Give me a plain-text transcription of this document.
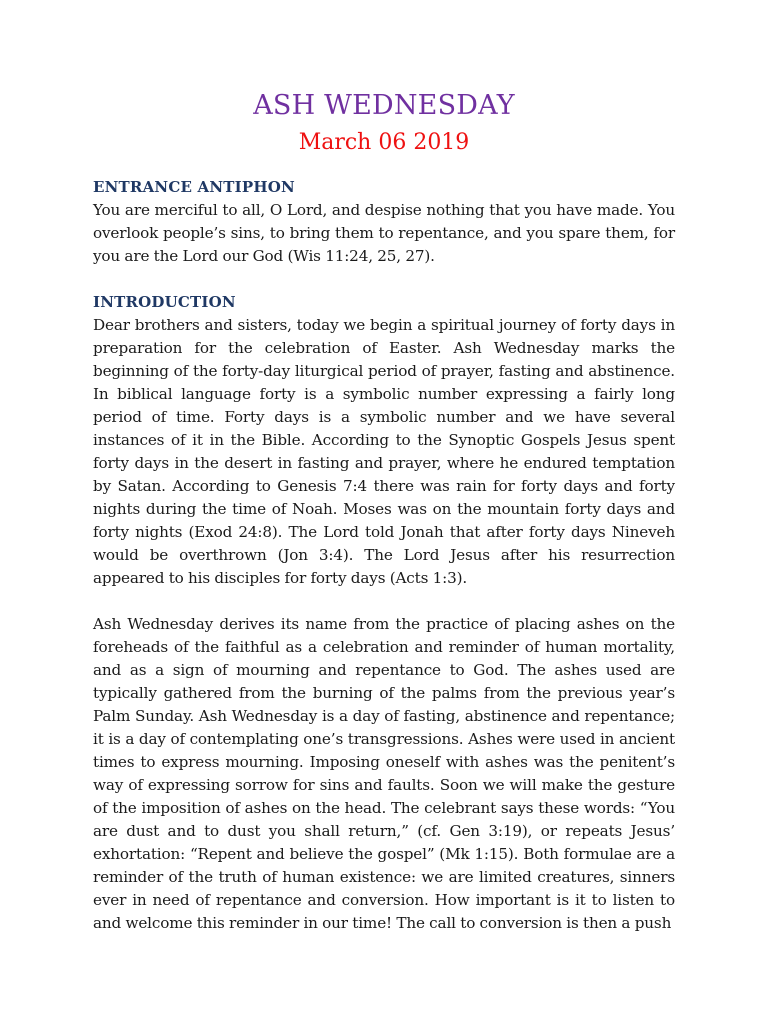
ASH WEDNESDAY
March 06 2019
ENTRANCE ANTIPHON

You are merciful to all, O Lord, and despise nothing that you have made. You overlook people’s sins, to bring them to repentance, and you spare them, for you are the Lord our God (Wis 11:24, 25, 27).

INTRODUCTION

Dear brothers and sisters, today we begin a spiritual journey of forty days in preparation for the celebration of Easter. Ash Wednesday marks the beginning of the forty-day liturgical period of prayer, fasting and abstinence. In biblical language forty is a symbolic number expressing a fairly long period of time. Forty days is a symbolic number and we have several instances of it in the Bible. According to the Synoptic Gospels Jesus spent forty days in the desert in fasting and prayer, where he endured temptation by Satan. According to Genesis 7:4 there was rain for forty days and forty nights during the time of Noah. Moses was on the mountain forty days and forty nights (Exod 24:8). The Lord told Jonah that after forty days Nineveh would be overthrown (Jon 3:4). The Lord Jesus after his resurrection appeared to his disciples for forty days (Acts 1:3).

Ash Wednesday derives its name from the practice of placing ashes on the foreheads of the faithful as a celebration and reminder of human mortality, and as a sign of mourning and repentance to God. The ashes used are typically gathered from the burning of the palms from the previous year’s Palm Sunday. Ash Wednesday is a day of fasting, abstinence and repentance; it is a day of contemplating one’s transgressions. Ashes were used in ancient times to express mourning. Imposing oneself with ashes was the penitent’s way of expressing sorrow for sins and faults. Soon we will make the gesture of the imposition of ashes on the head. The celebrant says these words: “You are dust and to dust you shall return,” (cf. Gen 3:19), or repeats Jesus’ exhortation: “Repent and believe the gospel” (Mk 1:15). Both formulae are a reminder of the truth of human existence: we are limited creatures, sinners ever in need of repentance and conversion. How important is it to listen to and welcome this reminder in our time! The call to conversion is then a push
